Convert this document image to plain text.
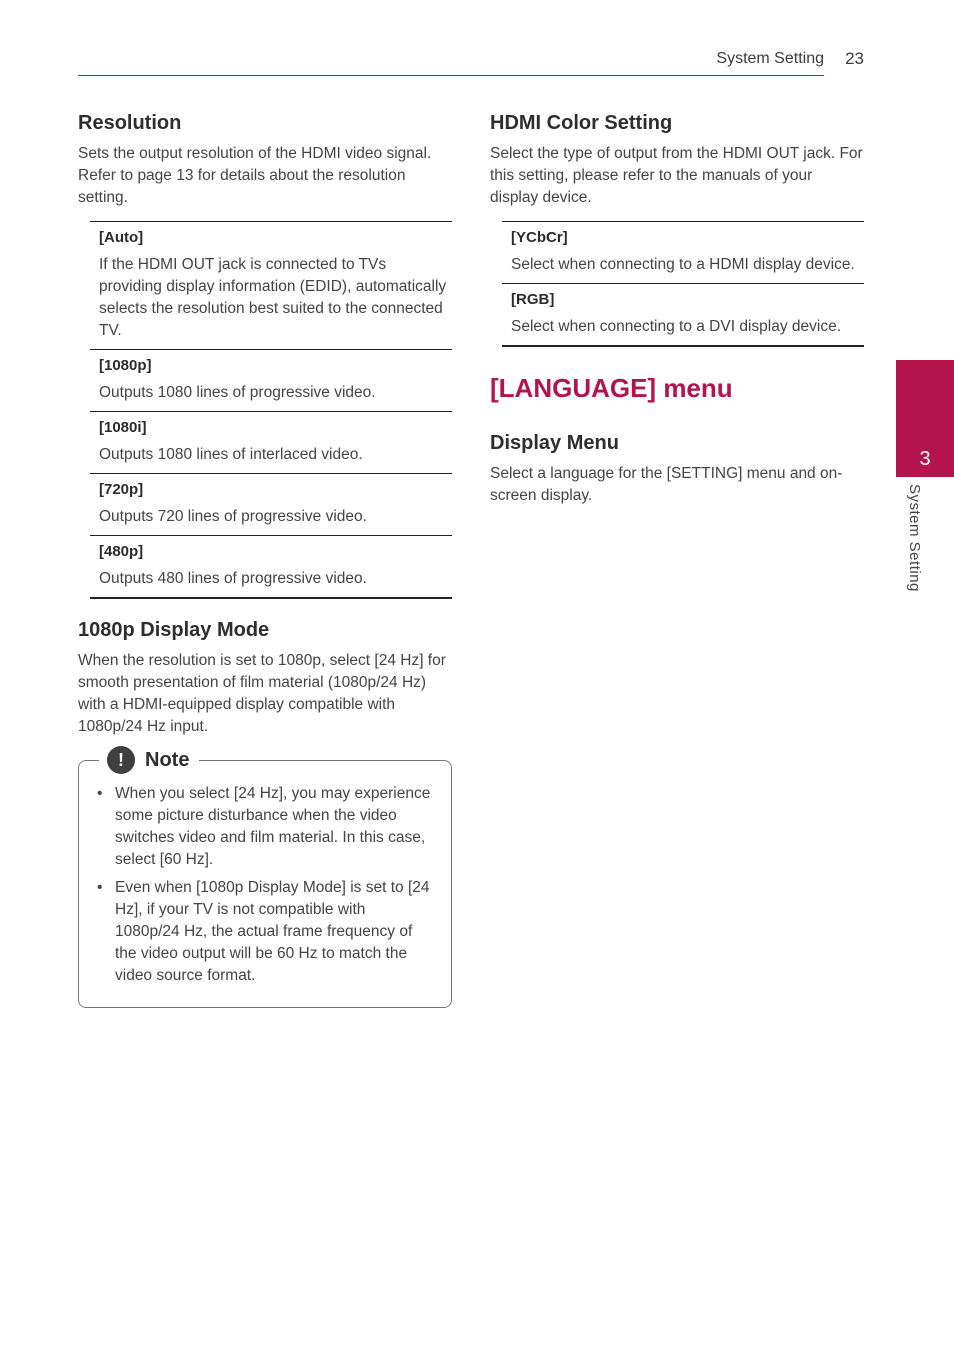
System Setting 23
Resolution

Sets the output resolution of the HDMI video signal. Refer to page 13 for details about the resolution setting.

[Auto]
If the HDMI OUT jack is connected to TVs providing display information (EDID), automatically selects the resolution best suited to the connected TV.
[1080p]
Outputs 1080 lines of progressive video.
[1080i]
Outputs 1080 lines of interlaced video.
[720p]
Outputs 720 lines of progressive video.
[480p]
Outputs 480 lines of progressive video.
1080p Display Mode

When the resolution is set to 1080p, select [24 Hz] for smooth presentation of film material (1080p/24 Hz) with a HDMI-equipped display compatible with 1080p/24 Hz input.

!	Note
• When you select [24 Hz], you may experience some picture disturbance when the video switches video and film material. In this case, select [60 Hz].
• Even when [1080p Display Mode] is set to [24 Hz], if your TV is not compatible with 1080p/24 Hz, the actual frame frequency of the video output will be 60 Hz to match the video source format.
HDMI Color Setting

Select the type of output from the HDMI OUT jack. For this setting, please refer to the manuals of your display device.

[YCbCr]
Select when connecting to a HDMI display device.
[RGB]
Select when connecting to a DVI display device.
[LANGUAGE] menu
Display Menu

Select a language for the [SETTING] menu and on-screen display.

3
System Setting
